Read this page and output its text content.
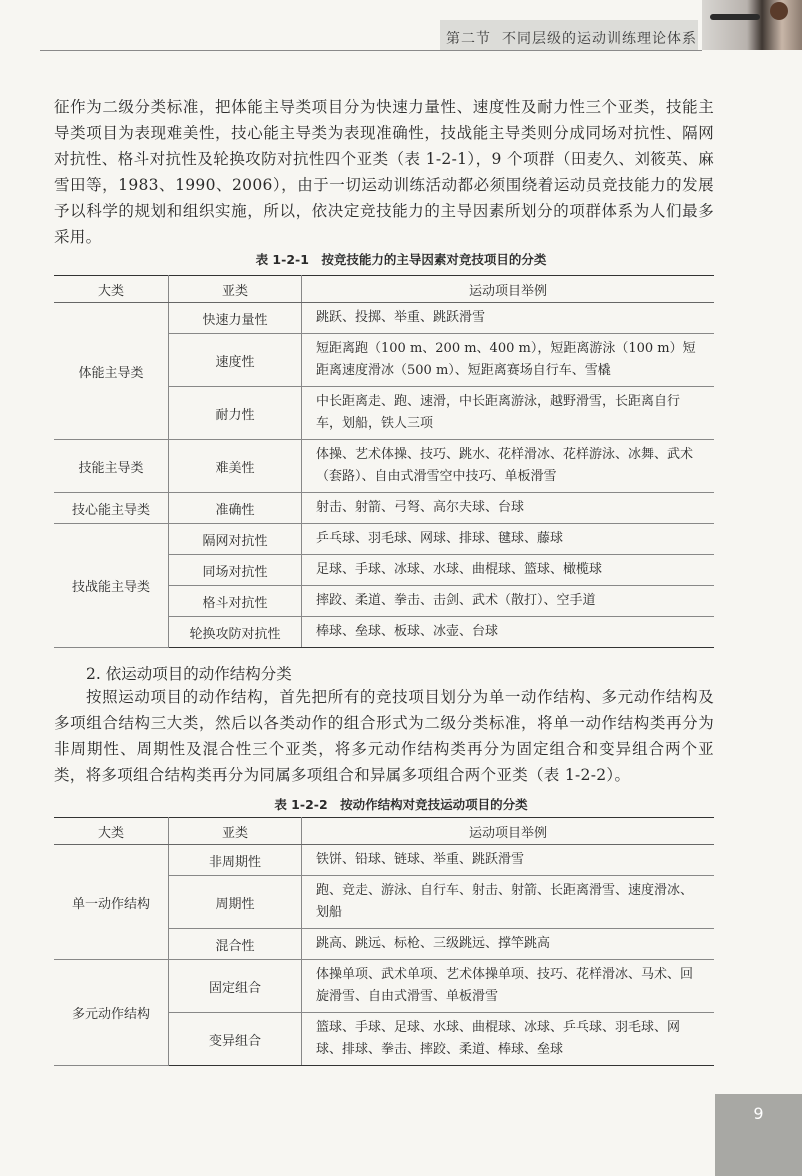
第二节 不同层级的运动训练理论体系
征作为二级分类标准，把体能主导类项目分为快速力量性、速度性及耐力性三个亚类，技能主导类项目为表现难美性，技心能主导类为表现准确性，技战能主导类则分成同场对抗性、隔网对抗性、格斗对抗性及轮换攻防对抗性四个亚类（表 1-2-1），9 个项群（田麦久、刘筱英、麻雪田等，1983、1990、2006），由于一切运动训练活动都必须围绕着运动员竞技能力的发展予以科学的规划和组织实施，所以，依决定竞技能力的主导因素所划分的项群体系为人们最多采用。
表 1-2-1　按竞技能力的主导因素对竞技项目的分类
大类	亚类	运动项目举例
体能主导类	快速力量性	跳跃、投掷、举重、跳跃滑雪
	速度性	短距离跑（100 m、200 m、400 m），短距离游泳（100 m）短距离速度滑冰（500 m）、短距离赛场自行车、雪橇
	耐力性	中长距离走、跑、速滑，中长距离游泳，越野滑雪，长距离自行车，划船，铁人三项
技能主导类	难美性	体操、艺术体操、技巧、跳水、花样滑冰、花样游泳、冰舞、武术（套路）、自由式滑雪空中技巧、单板滑雪
技心能主导类	准确性	射击、射箭、弓弩、高尔夫球、台球
技战能主导类	隔网对抗性	乒乓球、羽毛球、网球、排球、毽球、藤球
	同场对抗性	足球、手球、冰球、水球、曲棍球、篮球、橄榄球
	格斗对抗性	摔跤、柔道、拳击、击剑、武术（散打）、空手道
	轮换攻防对抗性	棒球、垒球、板球、冰壶、台球
2. 依运动项目的动作结构分类
按照运动项目的动作结构，首先把所有的竞技项目划分为单一动作结构、多元动作结构及多项组合结构三大类，然后以各类动作的组合形式为二级分类标准，将单一动作结构类再分为非周期性、周期性及混合性三个亚类，将多元动作结构类再分为固定组合和变异组合两个亚类，将多项组合结构类再分为同属多项组合和异属多项组合两个亚类（表 1-2-2）。
表 1-2-2　按动作结构对竞技运动项目的分类
大类	亚类	运动项目举例
单一动作结构	非周期性	铁饼、铅球、链球、举重、跳跃滑雪
	周期性	跑、竞走、游泳、自行车、射击、射箭、长距离滑雪、速度滑冰、划船
	混合性	跳高、跳远、标枪、三级跳远、撑竿跳高
多元动作结构	固定组合	体操单项、武术单项、艺术体操单项、技巧、花样滑冰、马术、回旋滑雪、自由式滑雪、单板滑雪
	变异组合	篮球、手球、足球、水球、曲棍球、冰球、乒乓球、羽毛球、网球、排球、拳击、摔跤、柔道、棒球、垒球
9
